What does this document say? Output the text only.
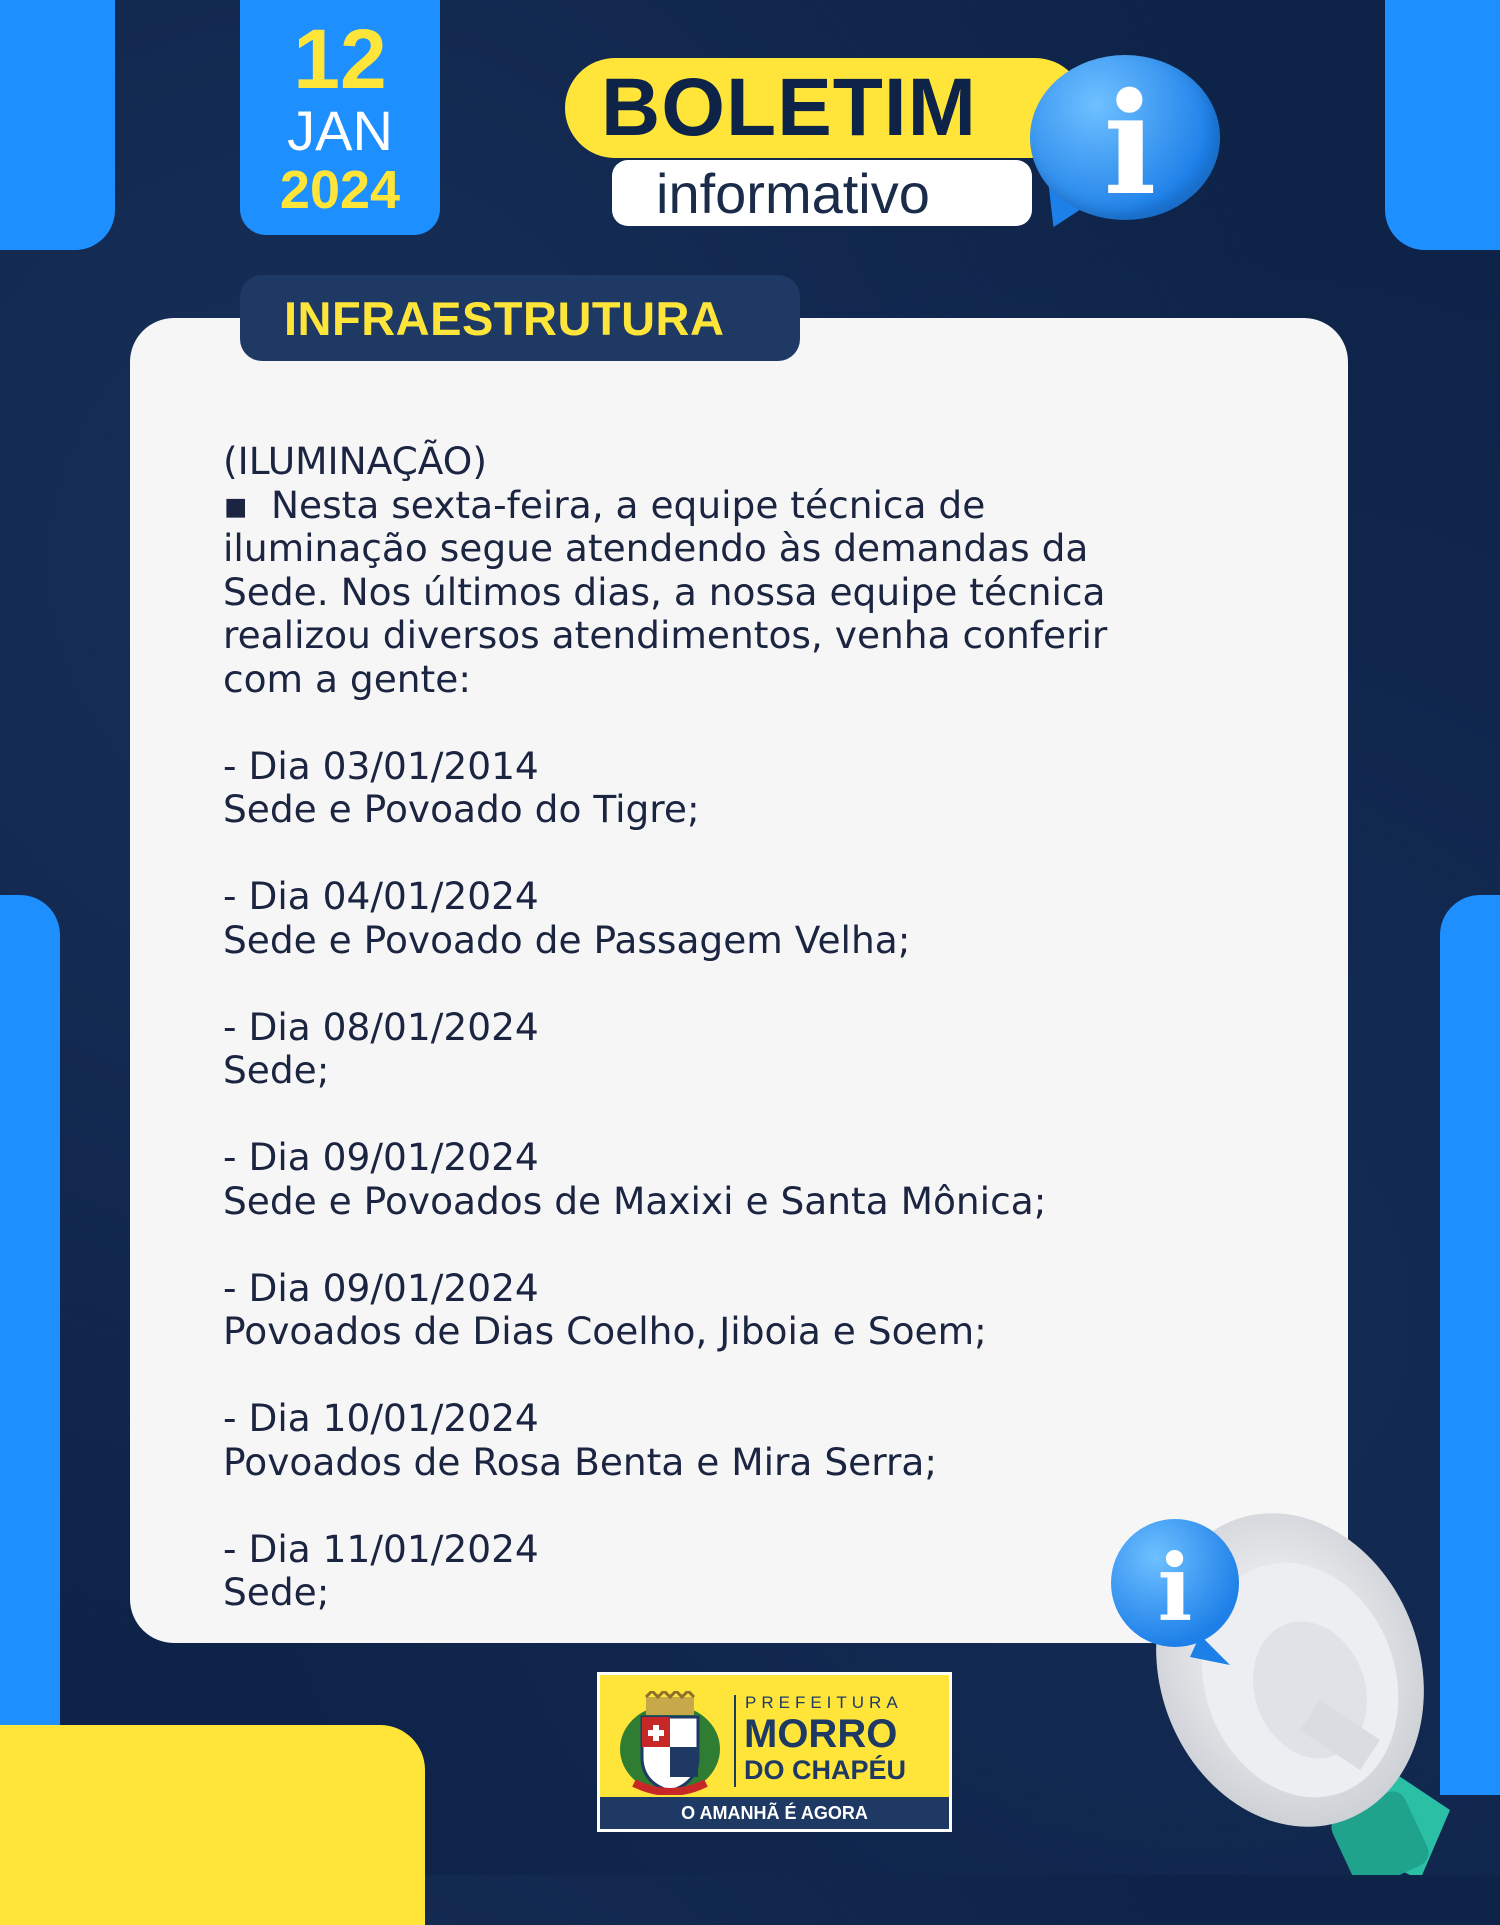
12
JAN
2024
BOLETIM
informativo i
INFRAESTRUTURA

(ILUMINAÇÃO)

▪ Nesta sexta-feira, a equipe técnica de

iluminação segue atendendo às demandas da

Sede. Nos últimos dias, a nossa equipe técnica

realizou diversos atendimentos, venha conferir

com a gente:

- Dia 03/01/2014

Sede e Povoado do Tigre;

- Dia 04/01/2024

Sede e Povoado de Passagem Velha;

- Dia 08/01/2024

Sede;

- Dia 09/01/2024

Sede e Povoados de Maxixi e Santa Mônica;

- Dia 09/01/2024

Povoados de Dias Coelho, Jiboia e Soem;

- Dia 10/01/2024

Povoados de Rosa Benta e Mira Serra;

- Dia 11/01/2024

Sede;

PREFEITURA
MORRO
DO CHAPÉU
O AMANHÃ É AGORA
i
